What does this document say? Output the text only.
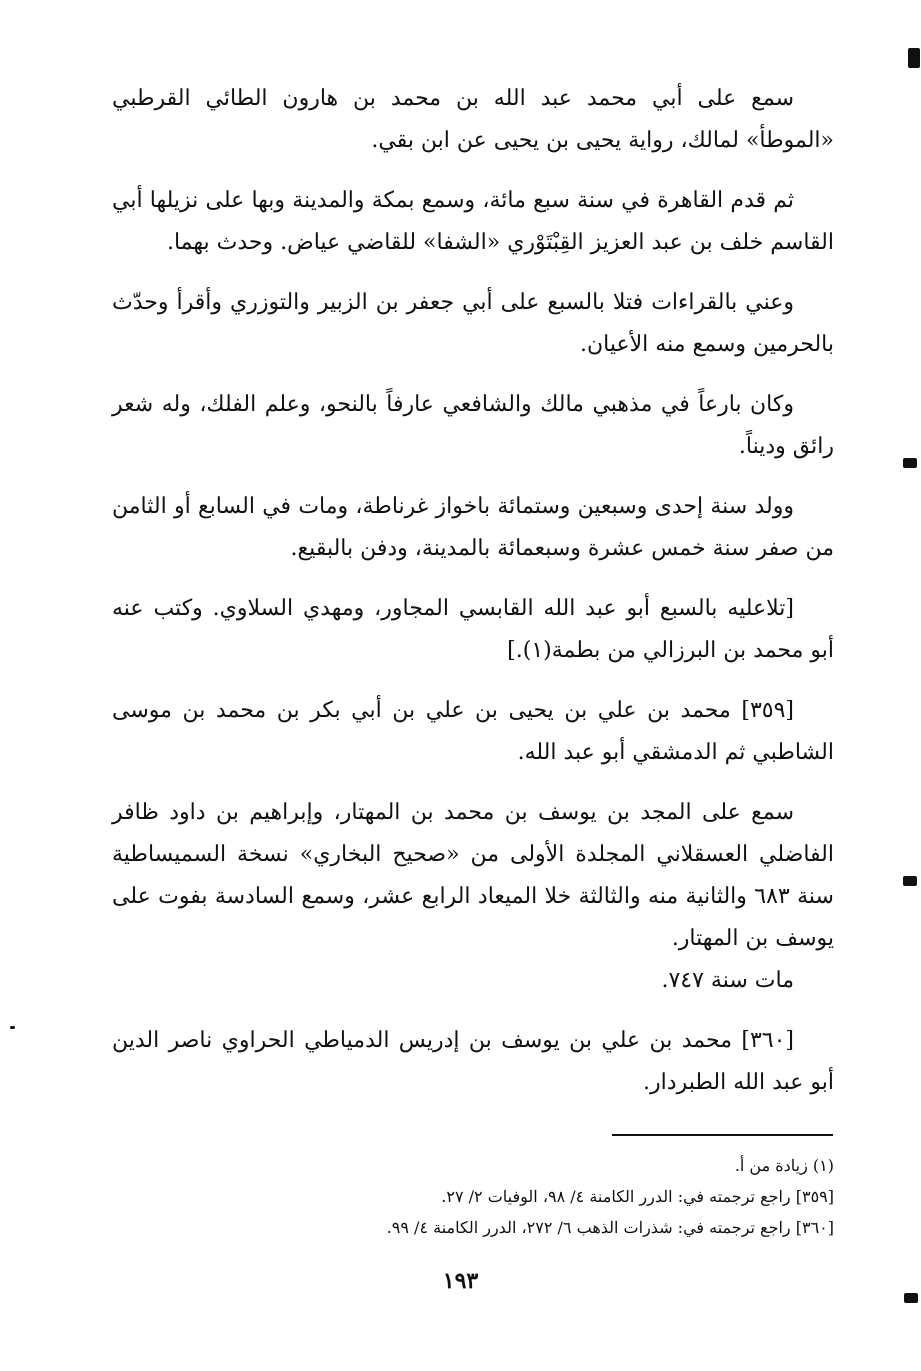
سمع على أبي محمد عبد الله بن محمد بن هارون الطائي القرطبي «الموطأ» لمالك، رواية يحيى بن يحيى عن ابن بقي.

ثم قدم القاهرة في سنة سبع مائة، وسمع بمكة والمدينة وبها على نزيلها أبي القاسم خلف بن عبد العزيز القِبْتَوْري «الشفا» للقاضي عياض. وحدث بهما.

وعني بالقراءات فتلا بالسبع على أبي جعفر بن الزبير والتوزري وأقرأ وحدّث بالحرمين وسمع منه الأعيان.

وكان بارعاً في مذهبي مالك والشافعي عارفاً بالنحو، وعلم الفلك، وله شعر رائق وديناً.

وولد سنة إحدى وسبعين وستمائة باخواز غرناطة، ومات في السابع أو الثامن من صفر سنة خمس عشرة وسبعمائة بالمدينة، ودفن بالبقيع.

[تلاعليه بالسبع أبو عبد الله القابسي المجاور، ومهدي السلاوي. وكتب عنه أبو محمد بن البرزالي من بطمة(١).]

[٣٥٩] محمد بن علي بن يحيى بن علي بن أبي بكر بن محمد بن موسى الشاطبي ثم الدمشقي أبو عبد الله.

سمع على المجد بن يوسف بن محمد بن المهتار، وإبراهيم بن داود ظافر الفاضلي العسقلاني المجلدة الأولى من «صحيح البخاري» نسخة السميساطية سنة ٦٨٣ والثانية منه والثالثة خلا الميعاد الرابع عشر، وسمع السادسة بفوت على يوسف بن المهتار.

مات سنة ٧٤٧.

[٣٦٠] محمد بن علي بن يوسف بن إدريس الدمياطي الحراوي ناصر الدين أبو عبد الله الطبردار.

(١) زيادة من أ.

[٣٥٩] راجع ترجمته في: الدرر الكامنة ٤/ ٩٨، الوفيات ٢/ ٢٧.

[٣٦٠] راجع ترجمته في: شذرات الذهب ٦/ ٢٧٢، الدرر الكامنة ٤/ ٩٩.

١٩٣
